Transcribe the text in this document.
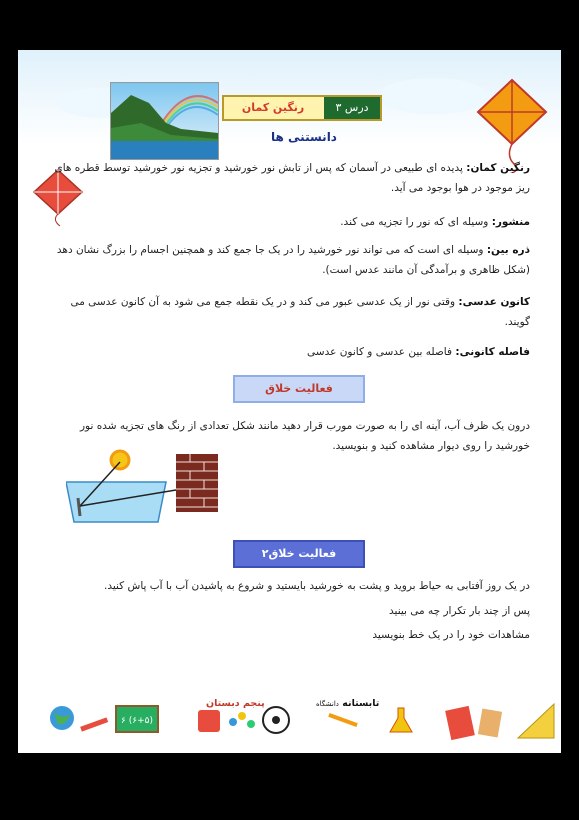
رنگین کمان	درس ۳
دانستنی ها
رنگین کمان: پدیده ای طبیعی در آسمان که پس از تابش نور خورشید و تجزیه نور خورشید توسط قطره های ریز موجود در هوا بوجود می آید.
منشور: وسیله ای که نور را تجزیه می کند.
ذره بین: وسیله ای است که می تواند نور خورشید را در یک جا جمع کند و همچنین اجسام را بزرگ نشان دهد (شکل ظاهری و برآمدگی آن مانند عدس است).
کانون عدسی: وقتی نور از یک عدسی عبور می کند و در یک نقطه جمع می شود به آن کانون عدسی می گویند.
فاصله کانونی: فاصله بین عدسی و کانون عدسی
فعالیت خلاق
درون یک ظرف آب، آینه ای را به صورت مورب قرار دهید مانند شکل تعدادی از رنگ های تجزیه شده نور خورشید را روی دیوار مشاهده کنید و بنویسید.
فعالیت خلاق۲
در یک روز آفتابی به حیاط بروید و پشت به خورشید بایستید و شروع به پاشیدن آب با آب پاش کنید.
پس از چند بار تکرار چه می بینید
مشاهدات خود را در یک خط بنویسید
پنجم دبستان	تابستانه دانشگاه
۶ (۶+۵)
